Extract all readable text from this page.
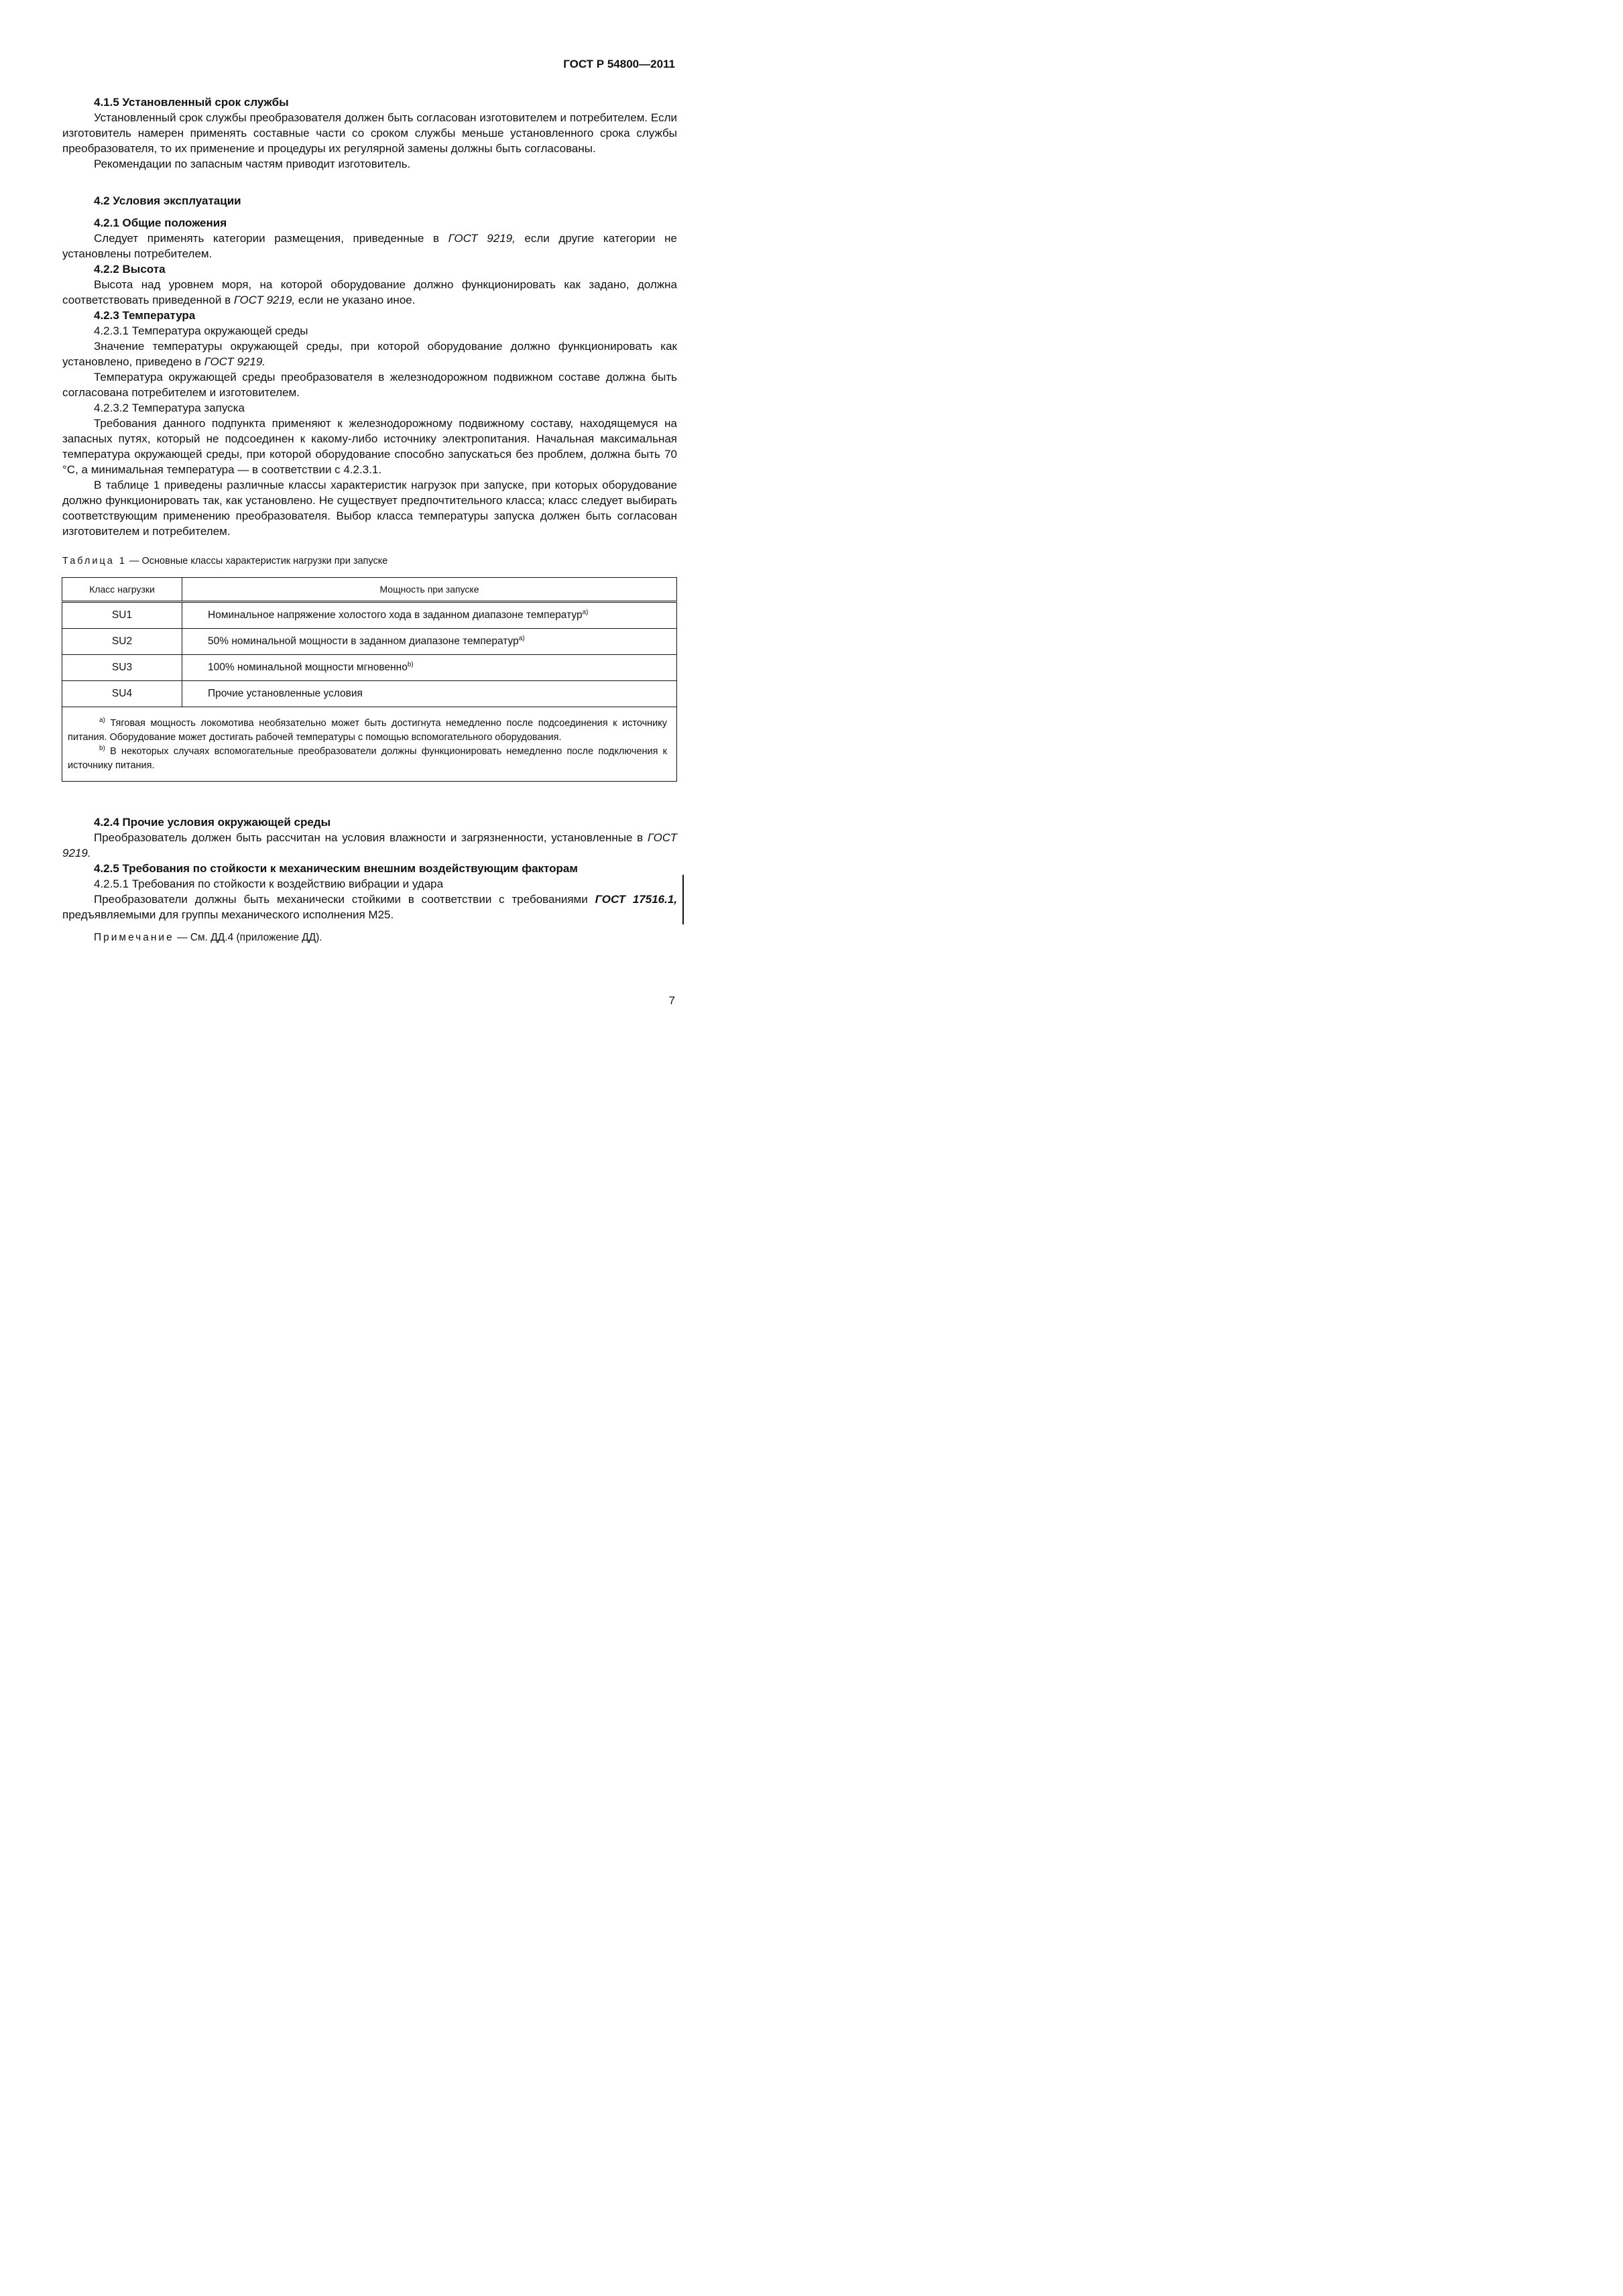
ГОСТ Р 54800—2011

4.1.5 Установленный срок службы

Установленный срок службы преобразователя должен быть согласован изготовителем и потребителем. Если изготовитель намерен применять составные части со сроком службы меньше установленного срока службы преобразователя, то их применение и процедуры их регулярной замены должны быть согласованы.

Рекомендации по запасным частям приводит изготовитель.

4.2 Условия эксплуатации

4.2.1 Общие положения

Следует применять категории размещения, приведенные в ГОСТ 9219, если другие категории не установлены потребителем.

4.2.2 Высота

Высота над уровнем моря, на которой оборудование должно функционировать как задано, должна соответствовать приведенной в ГОСТ 9219, если не указано иное.

4.2.3 Температура

4.2.3.1 Температура окружающей среды

Значение температуры окружающей среды, при которой оборудование должно функционировать как установлено, приведено в ГОСТ 9219.

Температура окружающей среды преобразователя в железнодорожном подвижном составе должна быть согласована потребителем и изготовителем.

4.2.3.2 Температура запуска

Требования данного подпункта применяют к железнодорожному подвижному составу, находящемуся на запасных путях, который не подсоединен к какому-либо источнику электропитания. Начальная максимальная температура окружающей среды, при которой оборудование способно запускаться без проблем, должна быть 70 °C, а минимальная температура — в соответствии с 4.2.3.1.

В таблице 1 приведены различные классы характеристик нагрузок при запуске, при которых оборудование должно функционировать так, как установлено. Не существует предпочтительного класса; класс следует выбирать соответствующим применению преобразователя. Выбор класса температуры запуска должен быть согласован изготовителем и потребителем.

Таблица 1 — Основные классы характеристик нагрузки при запуске
Класс нагрузки	Мощность при запуске
SU1	Номинальное напряжение холостого хода в заданном диапазоне температур$^{a)}$
SU2	50% номинальной мощности в заданном диапазоне температур$^{a)}$
SU3	100% номинальной мощности мгновенно$^{b)}$
SU4	Прочие установленные условия

$^{a)}$ Тяговая мощность локомотива необязательно может быть достигнута немедленно после подсоединения к источнику питания. Оборудование может достигать рабочей температуры с помощью вспомогательного оборудования.
$^{b)}$ В некоторых случаях вспомогательные преобразователи должны функционировать немедленно после подключения к источнику питания.	

4.2.4 Прочие условия окружающей среды

Преобразователь должен быть рассчитан на условия влажности и загрязненности, установленные в ГОСТ 9219.

4.2.5 Требования по стойкости к механическим внешним воздействующим факторам

4.2.5.1 Требования по стойкости к воздействию вибрации и удара

Преобразователи должны быть механически стойкими в соответствии с требованиями ГОСТ 17516.1, предъявляемыми для группы механического исполнения М25.

Примечание — См. ДД.4 (приложение ДД).

7
